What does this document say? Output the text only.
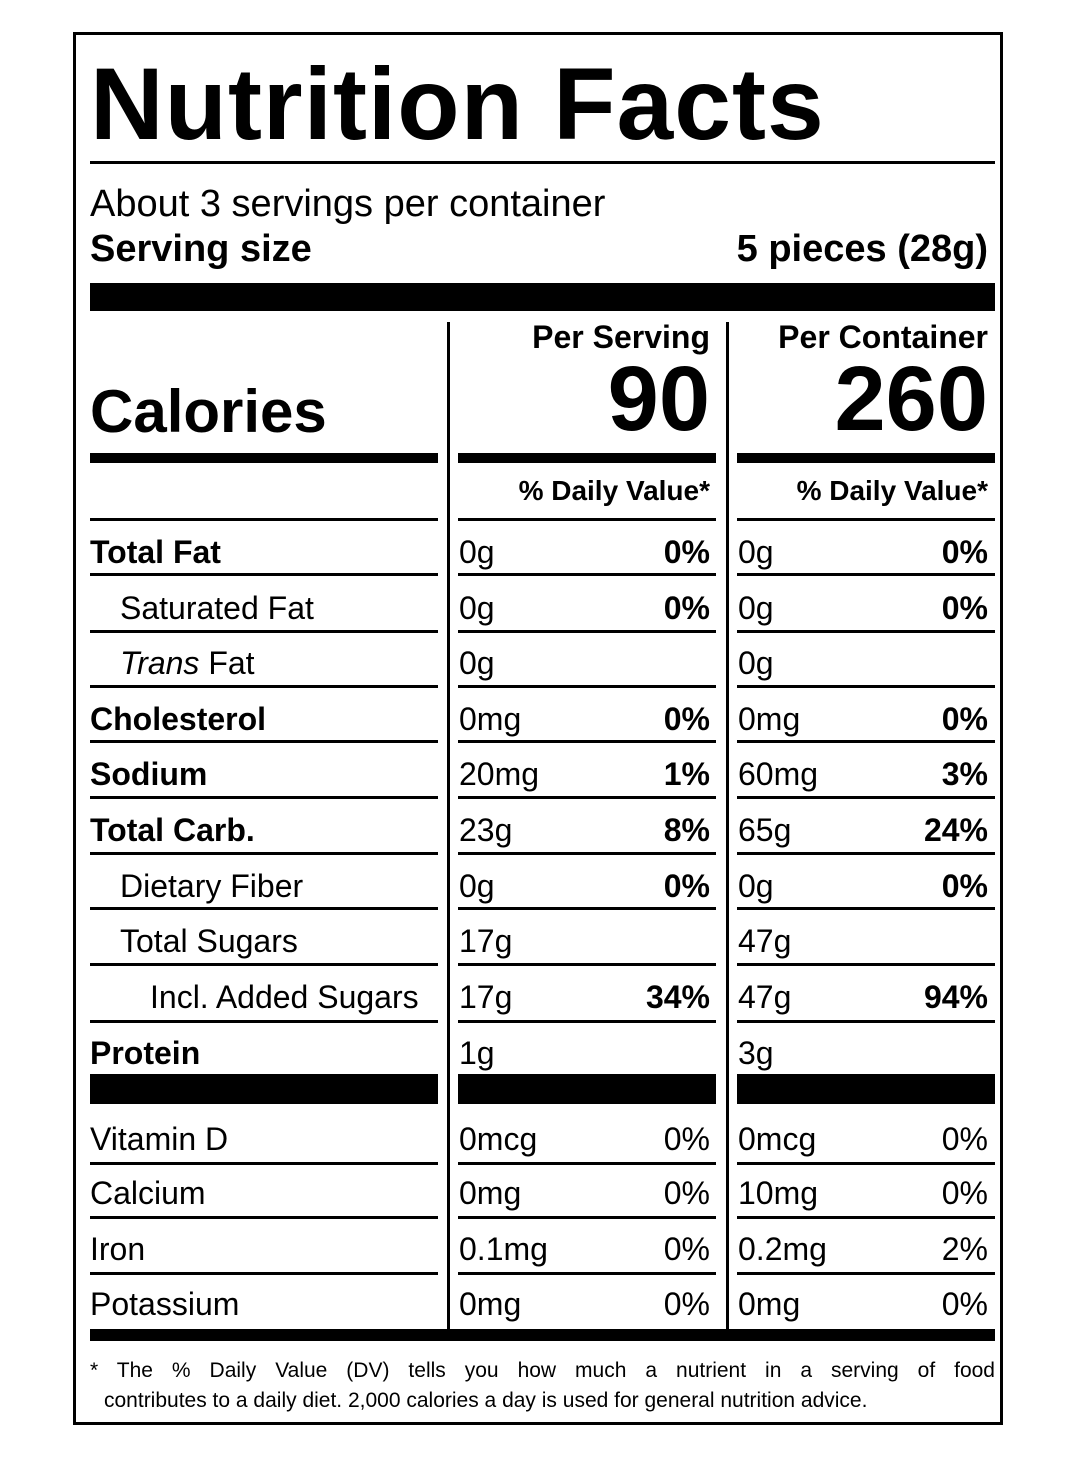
Nutrition Facts
About 3 servings per container
Serving size	5 pieces (28g)
Per Serving Per Container
Calories	90 260
% Daily Value*	% Daily Value*
Total Fat	0g	0% 0g	0%
Saturated Fat	0g	0% 0g	0%
Trans Fat	0g	0g
Cholesterol	0mg	0% 0mg	0%
Sodium	20mg	1% 60mg	3%
Total Carb.	23g	8% 65g	24%
Dietary Fiber	0g	0% 0g	0%
Total Sugars	17g	47g
Incl. Added Sugars 17g	34% 47g	94%
Protein	1g	3g
Vitamin D	0mcg	0% 0mcg	0%
Calcium	0mg	0% 10mg	0%
Iron	0.1mg	0% 0.2mg	2%
Potassium	0mg	0% 0mg	0%
* The % Daily Value (DV) tells you how much a nutrient in a serving of food
contributes to a daily diet. 2,000 calories a day is used for general nutrition advice.
